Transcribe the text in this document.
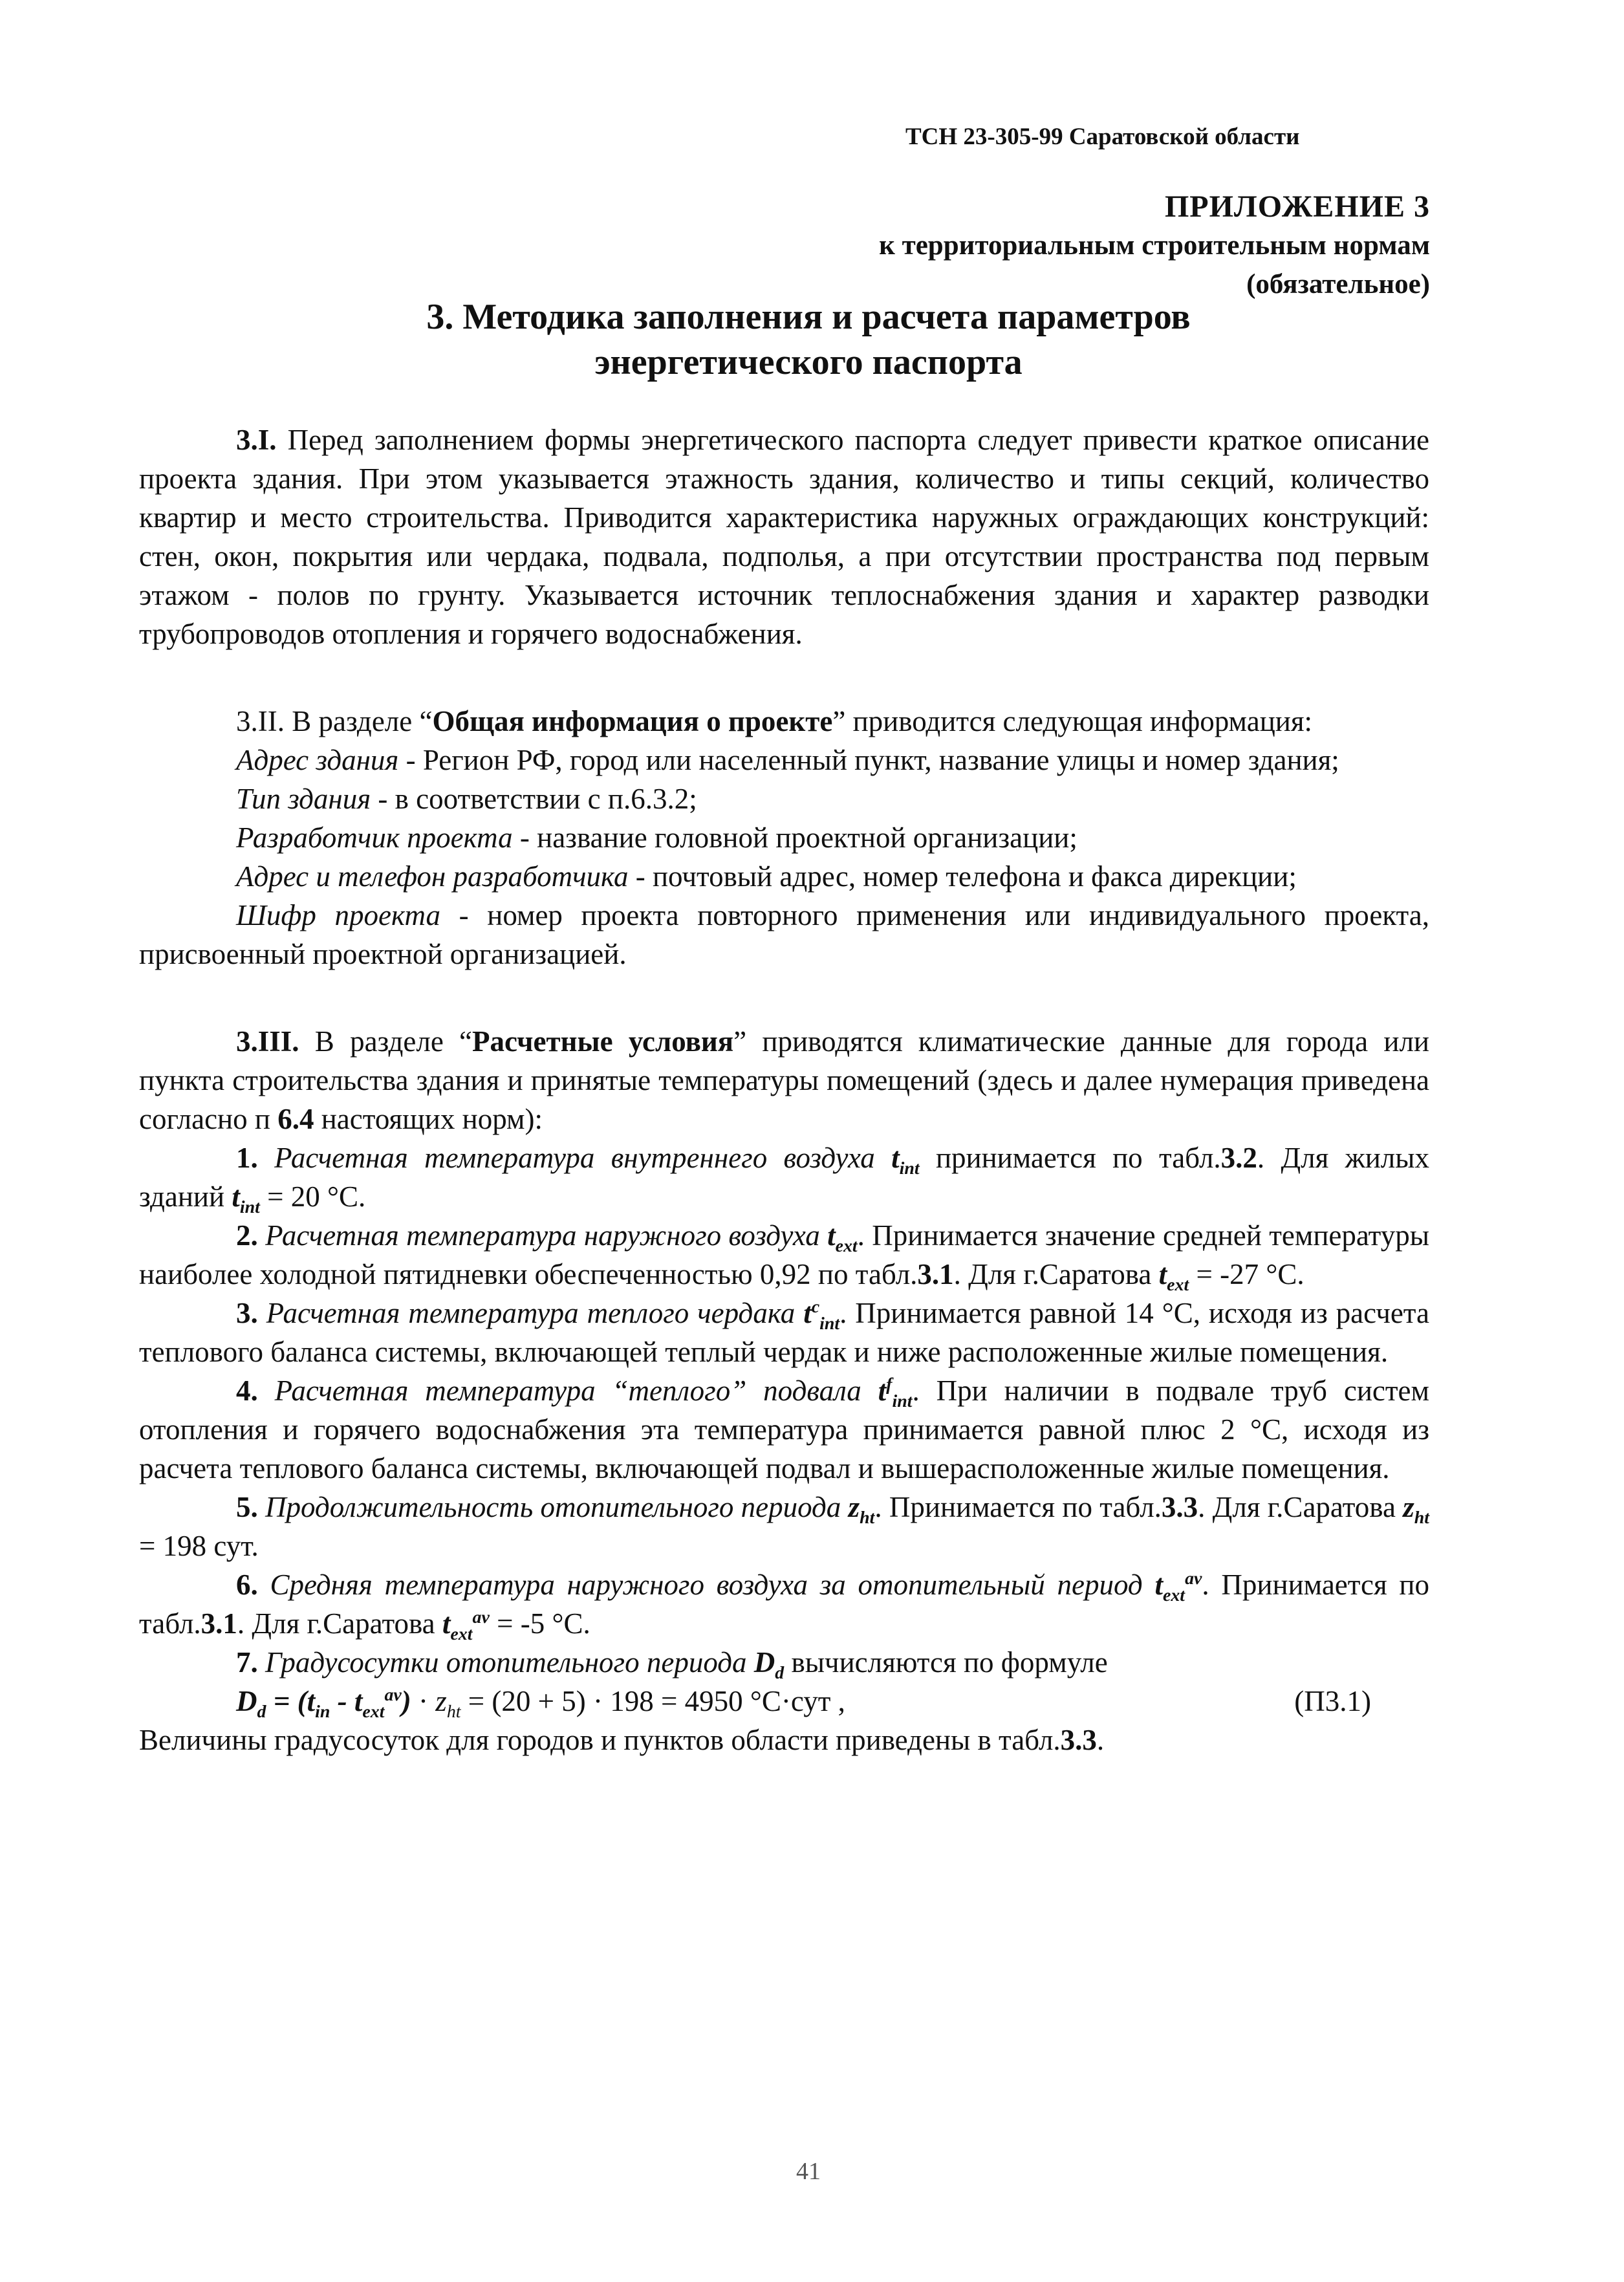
ТСН 23-305-99 Саратовской области
ПРИЛОЖЕНИЕ 3
к территориальным строительным нормам
(обязательное)
3. Методика заполнения и расчета параметров
энергетического паспорта

3.I. Перед заполнением формы энергетического паспорта следует привести краткое описание проекта здания. При этом указывается этажность здания, количество и типы секций, количество квартир и место строительства. Приводится характеристика наружных ограждающих конструкций: стен, окон, покрытия или чердака, подвала, подполья, а при отсутствии пространства под первым этажом - полов по грунту. Указывается источник теплоснабжения здания и характер разводки трубопроводов отопления и горячего водоснабжения.

3.II. В разделе “Общая информация о проекте” приводится следующая информация:

Адрес здания - Регион РФ, город или населенный пункт, название улицы и номер здания;

Тип здания - в соответствии с п.6.3.2;

Разработчик проекта - название головной проектной организации;

Адрес и телефон разработчика - почтовый адрес, номер телефона и факса дирекции;

Шифр проекта - номер проекта повторного применения или индивидуального проекта, присвоенный проектной организацией.

3.III. В разделе “Расчетные условия” приводятся климатические данные для города или пункта строительства здания и принятые температуры помещений (здесь и далее нумерация приведена согласно п 6.4 настоящих норм):

1. Расчетная температура внутреннего воздуха $t_{int}$ принимается по табл.3.2. Для жилых зданий $t_{int} = 20$ °С.

2. Расчетная температура наружного воздуха $t_{ext}$. Принимается значение средней температуры наиболее холодной пятидневки обеспеченностью 0,92 по табл.3.1. Для г.Саратова $t_{ext} = -27$ °С.

3. Расчетная температура теплого чердака $t^c_{int}$. Принимается равной 14 °С, исходя из расчета теплового баланса системы, включающей теплый чердак и ниже расположенные жилые помещения.

4. Расчетная температура “теплого” подвала $t^f_{int}$. При наличии в подвале труб систем отопления и горячего водоснабжения эта температура принимается равной плюс 2 °С, исходя из расчета теплового баланса системы, включающей подвал и вышерасположенные жилые помещения.

5. Продолжительность отопительного периода $z_{ht}$. Принимается по табл.3.3. Для г.Саратова $z_{ht} = 198$ сут.

6. Средняя температура наружного воздуха за отопительный период $t_{ext}^{av}$. Принимается по табл.3.1. Для г.Саратова $t_{ext}^{av} = -5$ °С.

7. Градусосутки отопительного периода $D_d$ вычисляются по формуле

$D_d = (t_{in} - t_{ext}^{av}) \cdot z_{ht} = (20 + 5) \cdot 198 = 4950$ °С·сут ,	(П3.1)

Величины градусосуток для городов и пунктов области приведены в табл.3.3.

41
